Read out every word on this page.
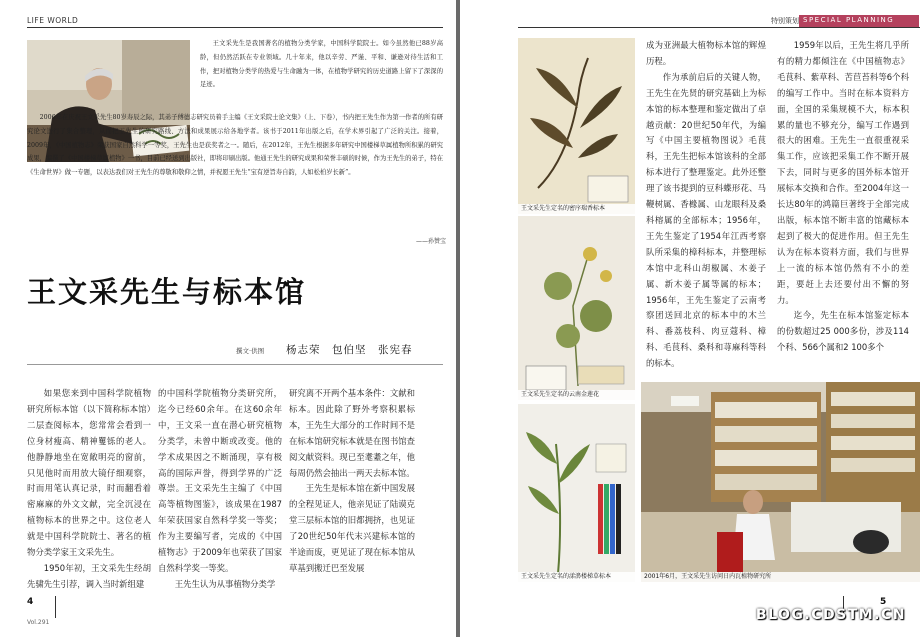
LIFE WORLD

王文采先生是我国著名的植物分类学家，中国科学院院士。如今虽然他已88岁高龄，但仍然活跃在专业领域。几十年来，他以辛劳、严谨、平和、谦逊对待生活和工作，把对植物分类学的热爱与生命融为一体，在植物学研究的历史道路上留下了深深的足迹。

2006年在庆祝王文采先生80岁寿辰之际，其弟子傅德志研究员着手主编《王文采院士论文集》（上、下卷），书内把王先生作为第一作者的所有研究论文进行了集合整理，从而把王先生的研究路线、方法和成果展示给各地学者。该书于2011年出版之后，在学术界引起了广泛的关注。接着，2009年，《中国植物志》荣获国家自然科学一等奖，王先生也是获奖者之一。随后，在2012年，王先生根据多年研究中国楼梯草属植物所积累的研究成果，编撰了《中国楼梯草属植物》一书，目前已经送到出版社，即将印刷出版。他通王先生的研究成果和荣誉丰硕的时候，作为王先生的弟子，特在《生命世界》做一专题，以表达我们对王先生的尊敬和敬仰之情，并祝愿王先生“宝有逆旨寿自韵，人如松柏岁长新”。

——孙赞宝
王文采先生与标本馆
撰文·供图 杨志荣　包伯坚　张宪春

如果您来到中国科学院植物研究所标本馆（以下简称标本馆）二层查阅标本，您常常会看到一位身材瘦高、精神矍铄的老人。他静静地坐在宽敞明亮的窗前，只见他时而用放大镜仔细观察，时而用笔认真记录，时而翻看着密麻麻的外文文献，完全沉浸在植物标本的世界之中。这位老人就是中国科学院院士、著名的植物分类学家王文采先生。

1950年初，王文采先生经胡先骕先生引荐，调入当时新组建

的中国科学院植物分类研究所，迄今已经60余年。在这60余年中，王文采一直在潜心研究植物分类学，未曾中断或改变。他的学术成果因之不断涌现，享有极高的国际声誉，得到学界的广泛尊崇。王文采先生主编了《中国高等植物图鉴》，该成果在1987年荣获国家自然科学奖一等奖；作为主要编写者，完成的《中国植物志》于2009年也荣获了国家自然科学奖一等奖。

王先生认为从事植物分类学

研究离不开两个基本条件：文献和标本。因此除了野外考察积累标本，王先生大部分的工作时间不是在标本馆研究标本就是在图书馆查阅文献资料。现已至耄耋之年，他每周仍然会抽出一两天去标本馆。

王先生是标本馆在新中国发展的全程见证人，他亲见证了陆谟克堂三层标本馆的旧都拥挤，也见证了20世纪50年代末兴建标本馆的半途而废，更见证了现在标本馆从草基到搬迁巴至发展

4
Vol.291
特别策划 SPECIAL PLANNING
王文采先生定名的密序瑞香标本
王文采先生定名的云南金莲花
王文采先生定名的漾濞楼梯草标本

成为亚洲最大植物标本馆的辉煌历程。

作为承前启后的关键人物，王先生在先贤的研究基础上为标本馆的标本整理和鉴定做出了卓越贡献：20世纪50年代，为编写《中国主要植物图说》毛茛科，王先生把标本馆该科的全部标本进行了整理鉴定。此外还整理了该书提到的豆科蝶形花、马鞭树属、香橼属、山龙眼科及桑科榕属的全部标本；1956年，王先生鉴定了1954年江西考察队所采集的樟科标本，并整理标本馆中北科山胡椒属、木姜子属、新木姜子属等属的标本；1956年，王先生鉴定了云南考察团送回北京的标本中的木兰科、番荔枝科、肉豆蔻科、樟科、毛茛科、桑科和荨麻科等科的标本。

1959年以后，王先生将几乎所有的精力都倾注在《中国植物志》毛茛科、紫草科、苦苣苔科等6个科的编写工作中。当时在标本资料方面，全国的采集规模不大，标本积累的量也不够充分，编写工作遇到很大的困难。王先生一直很重视采集工作，应该把采集工作不断开展下去，同时与更多的国外标本馆开展标本交换和合作。至2004年这一长达80年的鸿篇巨著终于全部完成出版，标本馆不断丰富的馆藏标本起到了极大的促进作用。但王先生认为在标本资料方面，我们与世界上一流的标本馆仍然有不小的差距，要赶上去还要付出不懈的努力。

迄今，先生在标本馆鉴定标本的份数超过25 000多份，涉及114个科、566个属和2 100多个

2001年6月，王文采先生访问日内瓦植物研究所
5
BLOG.CDSTM.CN
